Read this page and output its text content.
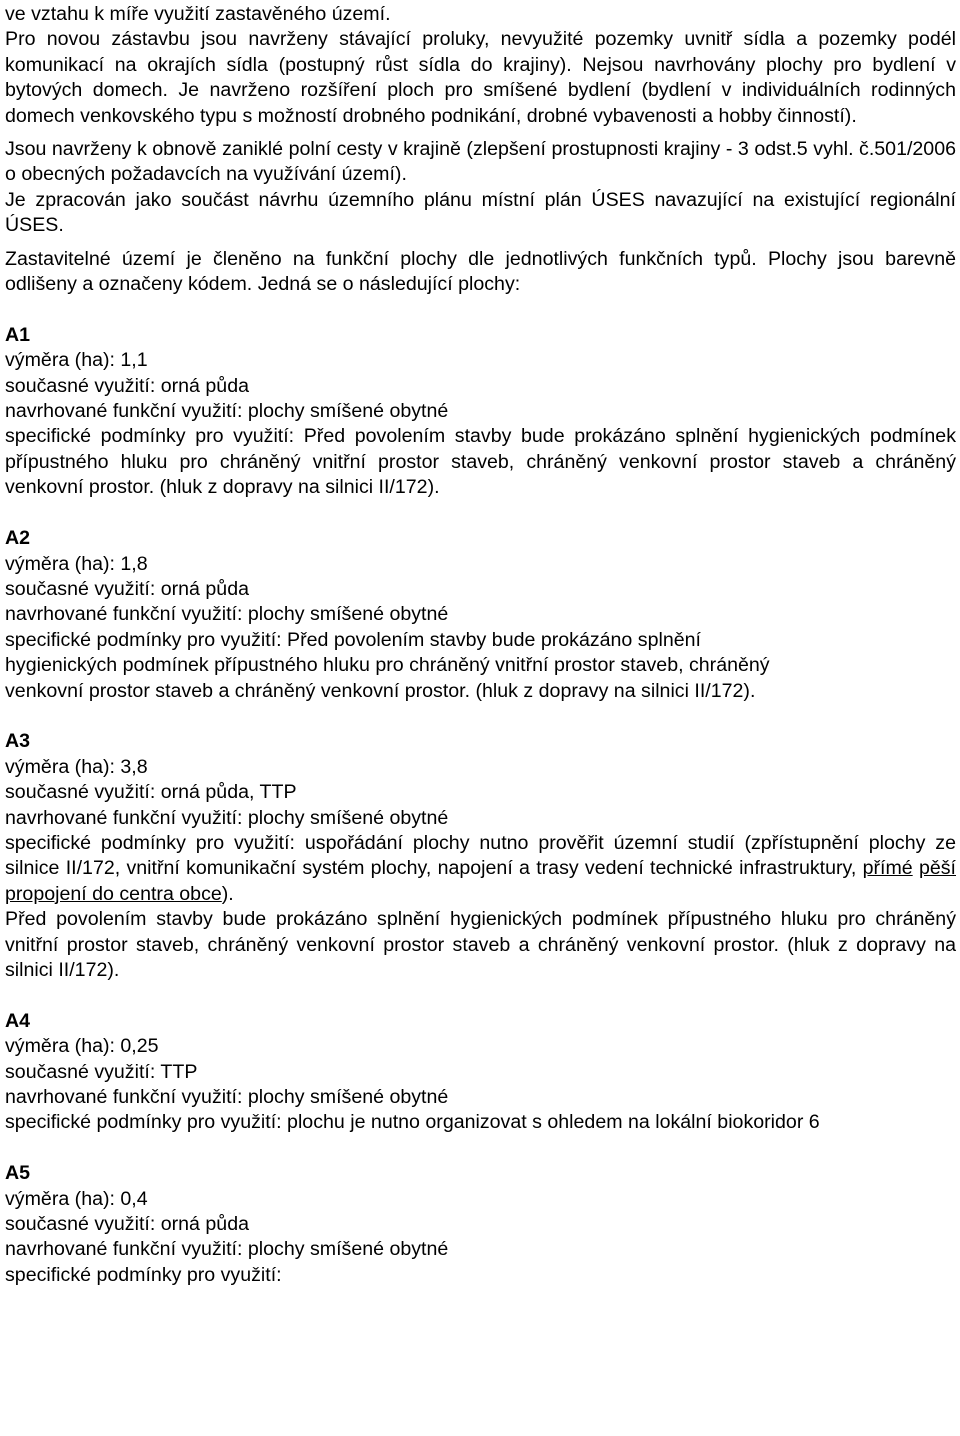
ve vztahu k míře využití zastavěného území.

Pro novou zástavbu jsou navrženy stávající proluky, nevyužité pozemky uvnitř sídla a pozemky podél komunikací na okrajích sídla (postupný růst sídla do krajiny). Nejsou navrhovány plochy pro bydlení v bytových domech. Je navrženo rozšíření ploch pro smíšené bydlení (bydlení v individuálních rodinných domech venkovského typu s možností drobného podnikání, drobné vybavenosti a hobby činností).

Jsou navrženy k obnově zaniklé polní cesty v krajině (zlepšení prostupnosti krajiny - 3 odst.5 vyhl. č.501/2006 o obecných požadavcích na využívání území).

Je zpracován jako součást návrhu územního plánu místní plán ÚSES navazující na existující regionální ÚSES.

Zastavitelné území je členěno na funkční plochy dle jednotlivých funkčních typů. Plochy jsou barevně odlišeny a označeny kódem. Jedná se o následující plochy:

A1

výměra (ha): 1,1

současné využití: orná půda

navrhované funkční využití: plochy smíšené obytné

specifické podmínky pro využití: Před povolením stavby bude prokázáno splnění hygienických podmínek přípustného hluku pro chráněný vnitřní prostor staveb, chráněný venkovní prostor staveb a chráněný venkovní prostor. (hluk z dopravy na silnici II/172).

A2

výměra (ha): 1,8

současné využití: orná půda

navrhované funkční využití: plochy smíšené obytné

specifické podmínky pro využití: Před povolením stavby bude prokázáno splnění

hygienických podmínek přípustného hluku pro chráněný vnitřní prostor staveb, chráněný

venkovní prostor staveb a chráněný venkovní prostor. (hluk z dopravy na silnici II/172).

A3

výměra (ha): 3,8

současné využití: orná půda, TTP

navrhované funkční využití: plochy smíšené obytné

specifické podmínky pro využití: uspořádání plochy nutno prověřit územní studií (zpřístupnění plochy ze silnice II/172, vnitřní komunikační systém plochy, napojení a trasy vedení technické infrastruktury, přímé pěší propojení do centra obce).

Před povolením stavby bude prokázáno splnění hygienických podmínek přípustného hluku pro chráněný vnitřní prostor staveb, chráněný venkovní prostor staveb a chráněný venkovní prostor. (hluk z dopravy na silnici II/172).

A4

výměra (ha): 0,25

současné využití: TTP

navrhované funkční využití: plochy smíšené obytné

specifické podmínky pro využití: plochu je nutno organizovat s ohledem na lokální biokoridor 6

A5

výměra (ha): 0,4

současné využití: orná půda

navrhované funkční využití: plochy smíšené obytné

specifické podmínky pro využití:
